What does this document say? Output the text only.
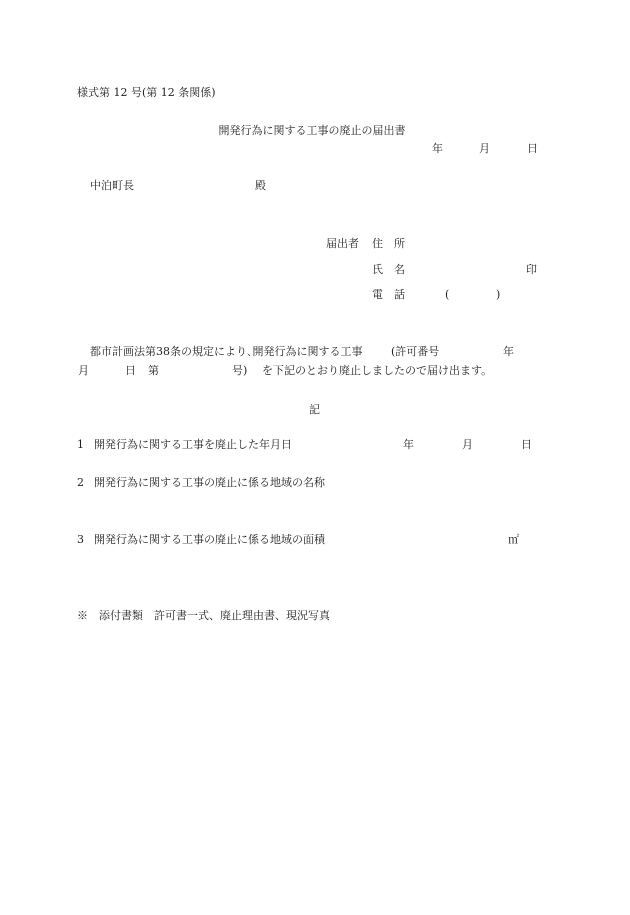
様式第 12 号(第 12 条関係)
開発行為に関する工事の廃止の届出書
年	月	日
中泊町長	殿
届出者 住　所
氏　名	印
電　話	(	)
都市計画法第38条の規定により､開発行為に関する工事	(許可番号	年
月	日 第	号) を下記のとおり廃止しましたので届け出ます。
記
1 開発行為に関する工事を廃止した年月日	年	月	日
2 開発行為に関する工事の廃止に係る地域の名称
3 開発行為に関する工事の廃止に係る地域の面積	㎡
※　添付書類　許可書一式、廃止理由書、現況写真
